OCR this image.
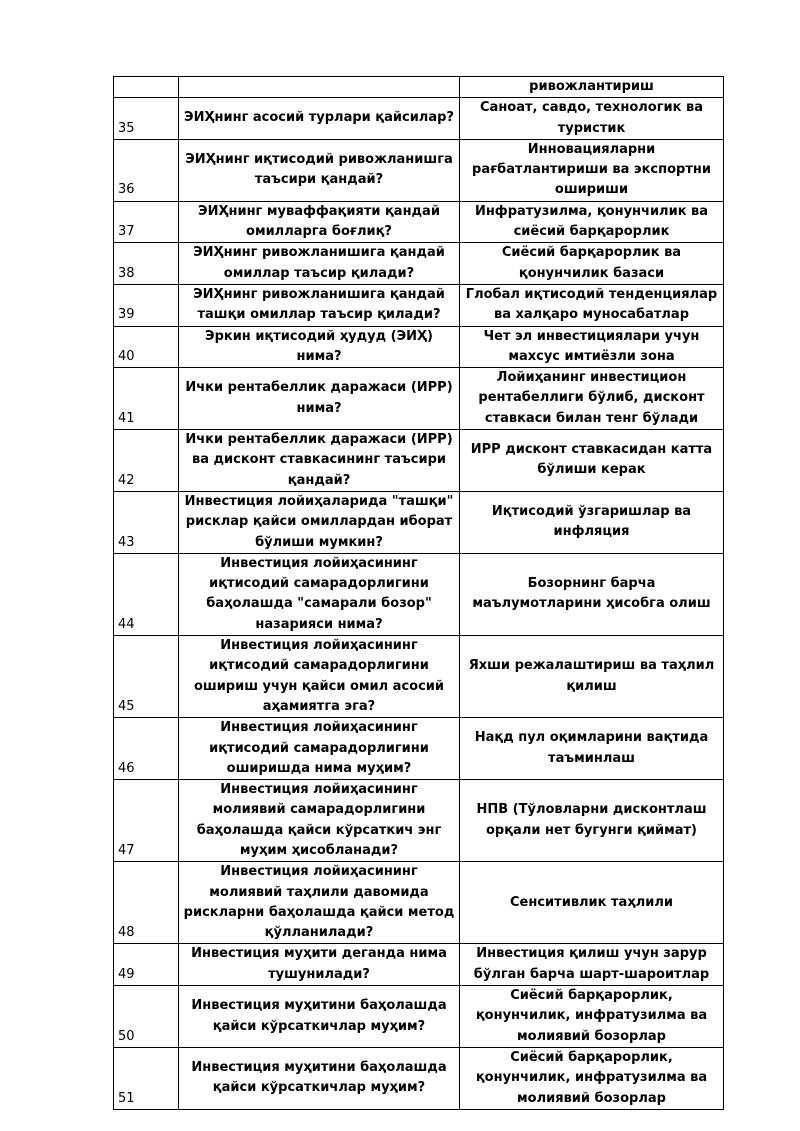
		ривожлантириш
35	ЭИҲнинг асосий турлари қайсилар?	Саноат, савдо, технологик ва туристик
36	ЭИҲнинг иқтисодий ривожланишга таъсири қандай?	Инновацияларни рағбатлантириши ва экспортни ошириши
37	ЭИҲнинг муваффақияти қандай омилларга боғлиқ?	Инфратузилма, қонунчилик ва сиёсий барқарорлик
38	ЭИҲнинг ривожланишига қандай омиллар таъсир қилади?	Сиёсий барқарорлик ва қонунчилик базаси
39	ЭИҲнинг ривожланишига қандай ташқи омиллар таъсир қилади?	Глобал иқтисодий тенденциялар ва халқаро муносабатлар
40	Эркин иқтисодий ҳудуд (ЭИҲ) нима?	Чет эл инвестициялари учун махсус имтиёзли зона
41	Ички рентабеллик даражаси (ИРР) нима?	Лойиҳанинг инвестицион рентабеллиги бўлиб, дисконт ставкаси билан тенг бўлади
42	Ички рентабеллик даражаси (ИРР) ва дисконт ставкасининг таъсири қандай?	ИРР дисконт ставкасидан катта бўлиши керак
43	Инвестиция лойиҳаларида "ташқи" рисклар қайси омиллардан иборат бўлиши мумкин?	Иқтисодий ўзгаришлар ва инфляция
44	Инвестиция лойиҳасининг иқтисодий самарадорлигини баҳолашда "самарали бозор" назарияси нима?	Бозорнинг барча маълумотларини ҳисобга олиш
45	Инвестиция лойиҳасининг иқтисодий самарадорлигини ошириш учун қайси омил асосий аҳамиятга эга?	Яхши режалаштириш ва таҳлил қилиш
46	Инвестиция лойиҳасининг иқтисодий самарадорлигини оширишда нима муҳим?	Нақд пул оқимларини вақтида таъминлаш
47	Инвестиция лойиҳасининг молиявий самарадорлигини баҳолашда қайси кўрсаткич энг муҳим ҳисобланади?	НПВ (Тўловларни дисконтлаш орқали нет бугунги қиймат)
48	Инвестиция лойиҳасининг молиявий таҳлили давомида рискларни баҳолашда қайси метод қўлланилади?	Сенситивлик таҳлили
49	Инвестиция муҳити деганда нима тушунилади?	Инвестиция қилиш учун зарур бўлган барча шарт-шароитлар
50	Инвестиция муҳитини баҳолашда қайси кўрсаткичлар муҳим?	Сиёсий барқарорлик, қонунчилик, инфратузилма ва молиявий бозорлар
51	Инвестиция муҳитини баҳолашда қайси кўрсаткичлар муҳим?	Сиёсий барқарорлик, қонунчилик, инфратузилма ва молиявий бозорлар
